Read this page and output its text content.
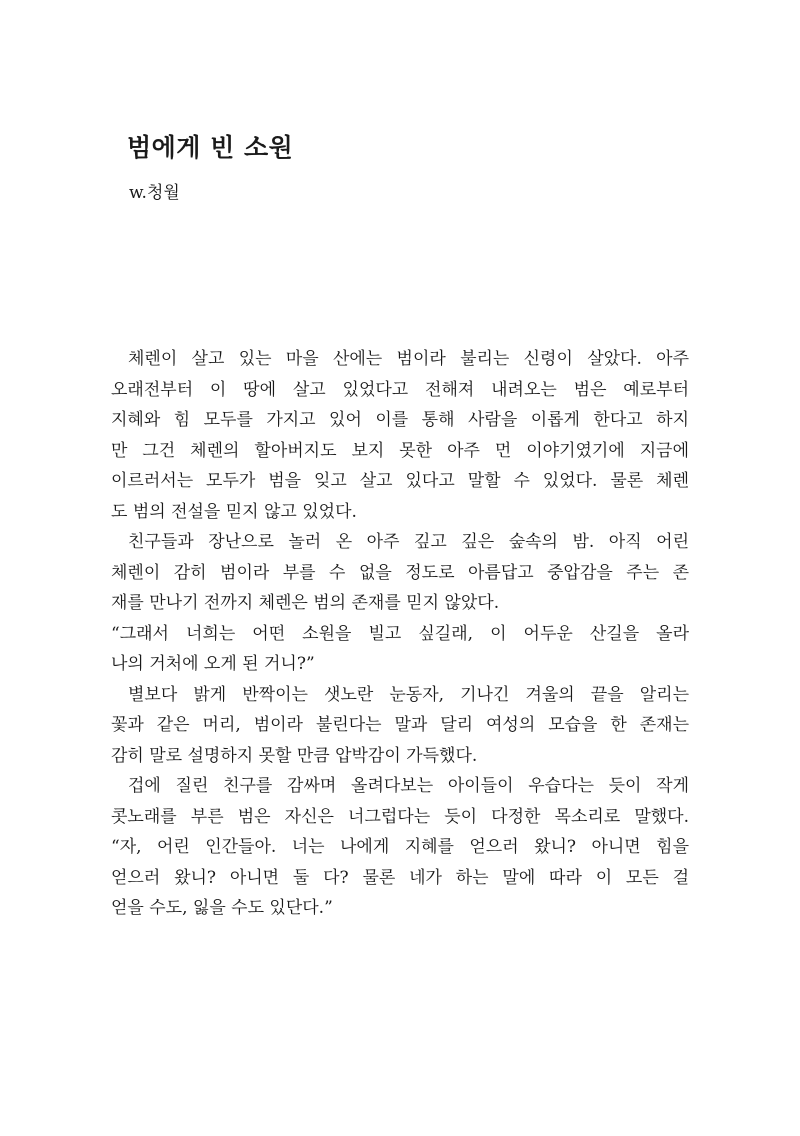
범에게 빈 소원

w.청월

체렌이 살고 있는 마을 산에는 범이라 불리는 신령이 살았다. 아주
오래전부터 이 땅에 살고 있었다고 전해져 내려오는 범은 예로부터
지혜와 힘 모두를 가지고 있어 이를 통해 사람을 이롭게 한다고 하지
만 그건 체렌의 할아버지도 보지 못한 아주 먼 이야기였기에 지금에
이르러서는 모두가 범을 잊고 살고 있다고 말할 수 있었다. 물론 체렌
도 범의 전설을 믿지 않고 있었다.
친구들과 장난으로 놀러 온 아주 깊고 깊은 숲속의 밤. 아직 어린
체렌이 감히 범이라 부를 수 없을 정도로 아름답고 중압감을 주는 존
재를 만나기 전까지 체렌은 범의 존재를 믿지 않았다.
“그래서 너희는 어떤 소원을 빌고 싶길래, 이 어두운 산길을 올라
나의 거처에 오게 된 거니?”
별보다 밝게 반짝이는 샛노란 눈동자, 기나긴 겨울의 끝을 알리는
꽃과 같은 머리, 범이라 불린다는 말과 달리 여성의 모습을 한 존재는
감히 말로 설명하지 못할 만큼 압박감이 가득했다.
겁에 질린 친구를 감싸며 올려다보는 아이들이 우습다는 듯이 작게
콧노래를 부른 범은 자신은 너그럽다는 듯이 다정한 목소리로 말했다.
“자, 어린 인간들아. 너는 나에게 지혜를 얻으러 왔니? 아니면 힘을
얻으러 왔니? 아니면 둘 다? 물론 네가 하는 말에 따라 이 모든 걸
얻을 수도, 잃을 수도 있단다.”
